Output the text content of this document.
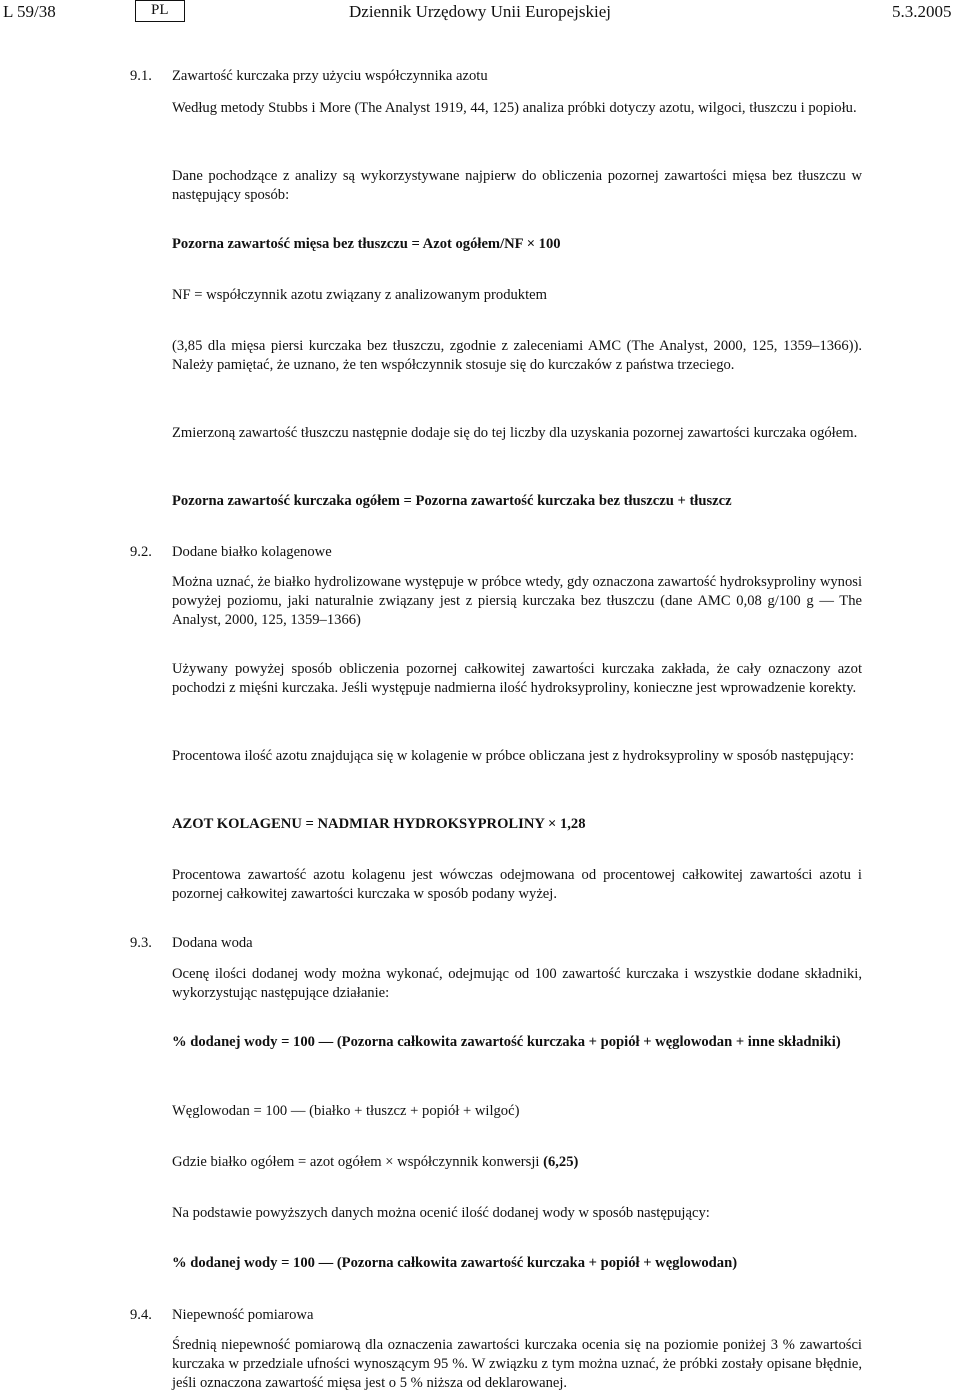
L 59/38	PL	Dziennik Urzędowy Unii Europejskiej	5.3.2005
9.1. Zawartość kurczaka przy użyciu współczynnika azotu
Według metody Stubbs i More (The Analyst 1919, 44, 125) analiza próbki dotyczy azotu, wilgoci, tłuszczu i popiołu.
Dane pochodzące z analizy są wykorzystywane najpierw do obliczenia pozornej zawartości mięsa bez tłuszczu w następujący sposób:
Pozorna zawartość mięsa bez tłuszczu = Azot ogółem/NF × 100
NF = współczynnik azotu związany z analizowanym produktem
(3,85 dla mięsa piersi kurczaka bez tłuszczu, zgodnie z zaleceniami AMC (The Analyst, 2000, 125, 1359–1366)). Należy pamiętać, że uznano, że ten współczynnik stosuje się do kurczaków z państwa trzeciego.
Zmierzoną zawartość tłuszczu następnie dodaje się do tej liczby dla uzyskania pozornej zawartości kurczaka ogółem.
Pozorna zawartość kurczaka ogółem = Pozorna zawartość kurczaka bez tłuszczu + tłuszcz
9.2. Dodane białko kolagenowe
Można uznać, że białko hydrolizowane występuje w próbce wtedy, gdy oznaczona zawartość hydroksyproliny wynosi powyżej poziomu, jaki naturalnie związany jest z piersią kurczaka bez tłuszczu (dane AMC 0,08 g/100 g — The Analyst, 2000, 125, 1359–1366)
Używany powyżej sposób obliczenia pozornej całkowitej zawartości kurczaka zakłada, że cały oznaczony azot pochodzi z mięśni kurczaka. Jeśli występuje nadmierna ilość hydroksyproliny, konieczne jest wprowadzenie korekty.
Procentowa ilość azotu znajdująca się w kolagenie w próbce obliczana jest z hydroksyproliny w sposób następujący:
AZOT KOLAGENU = NADMIAR HYDROKSYPROLINY × 1,28
Procentowa zawartość azotu kolagenu jest wówczas odejmowana od procentowej całkowitej zawartości azotu i pozornej całkowitej zawartości kurczaka w sposób podany wyżej.
9.3. Dodana woda
Ocenę ilości dodanej wody można wykonać, odejmując od 100 zawartość kurczaka i wszystkie dodane składniki, wykorzystując następujące działanie:
% dodanej wody = 100 — (Pozorna całkowita zawartość kurczaka + popiół + węglowodan + inne składniki)
Węglowodan = 100 — (białko + tłuszcz + popiół + wilgoć)
Gdzie białko ogółem = azot ogółem × współczynnik konwersji (6,25)
Na podstawie powyższych danych można ocenić ilość dodanej wody w sposób następujący:
% dodanej wody = 100 — (Pozorna całkowita zawartość kurczaka + popiół + węglowodan)
9.4. Niepewność pomiarowa
Średnią niepewność pomiarową dla oznaczenia zawartości kurczaka ocenia się na poziomie poniżej 3 % zawartości kurczaka w przedziale ufności wynoszącym 95 %. W związku z tym można uznać, że próbki zostały opisane błędnie, jeśli oznaczona zawartość mięsa jest o 5 % niższa od deklarowanej.
